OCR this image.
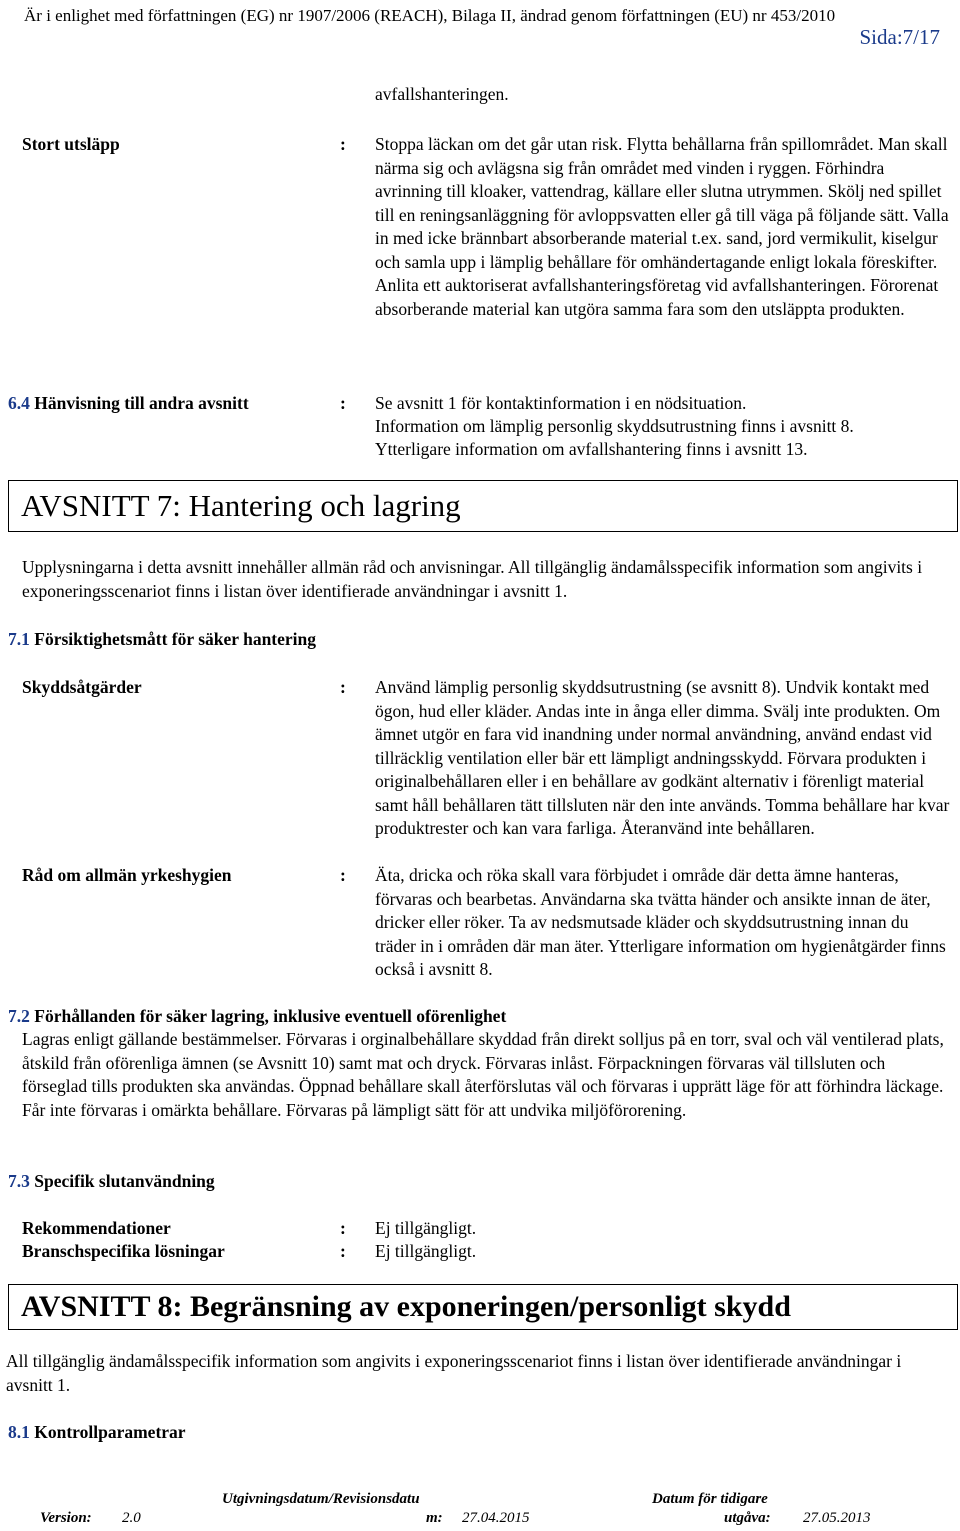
Är i enlighet med författningen (EG) nr 1907/2006 (REACH), Bilaga II, ändrad genom författningen (EU) nr 453/2010
Sida:7/17
avfallshanteringen.
Stort utsläpp	: Stoppa läckan om det går utan risk. Flytta behållarna från spillområdet. Man skall närma sig och avlägsna sig från området med vinden i ryggen. Förhindra avrinning till kloaker, vattendrag, källare eller slutna utrymmen. Skölj ned spillet till en reningsanläggning för avloppsvatten eller gå till väga på följande sätt. Valla in med icke brännbart absorberande material t.ex. sand, jord vermikulit, kiselgur och samla upp i lämplig behållare för omhändertagande enligt lokala föreskifter. Anlita ett auktoriserat avfallshanteringsföretag vid avfallshanteringen. Förorenat absorberande material kan utgöra samma fara som den utsläppta produkten.
6.4 Hänvisning till andra avsnitt	: Se avsnitt 1 för kontaktinformation i en nödsituation.
Information om lämplig personlig skyddsutrustning finns i avsnitt 8.
Ytterligare information om avfallshantering finns i avsnitt 13.
AVSNITT 7: Hantering och lagring
Upplysningarna i detta avsnitt innehåller allmän råd och anvisningar. All tillgänglig ändamålsspecifik information som angivits i exponeringsscenariot finns i listan över identifierade användningar i avsnitt 1.
7.1 Försiktighetsmått för säker hantering
Skyddsåtgärder	: Använd lämplig personlig skyddsutrustning (se avsnitt 8). Undvik kontakt med ögon, hud eller kläder. Andas inte in ånga eller dimma. Svälj inte produkten. Om ämnet utgör en fara vid inandning under normal användning, använd endast vid tillräcklig ventilation eller bär ett lämpligt andningsskydd. Förvara produkten i originalbehållaren eller i en behållare av godkänt alternativ i förenligt material samt håll behållaren tätt tillsluten när den inte används. Tomma behållare har kvar produktrester och kan vara farliga. Återanvänd inte behållaren.
Råd om allmän yrkeshygien	: Äta, dricka och röka skall vara förbjudet i område där detta ämne hanteras, förvaras och bearbetas. Användarna ska tvätta händer och ansikte innan de äter, dricker eller röker. Ta av nedsmutsade kläder och skyddsutrustning innan du träder in i områden där man äter. Ytterligare information om hygienåtgärder finns också i avsnitt 8.
7.2 Förhållanden för säker lagring, inklusive eventuell oförenlighet
Lagras enligt gällande bestämmelser. Förvaras i orginalbehållare skyddad från direkt solljus på en torr, sval och väl ventilerad plats, åtskild från oförenliga ämnen (se Avsnitt 10) samt mat och dryck. Förvaras inlåst. Förpackningen förvaras väl tillsluten och förseglad tills produkten ska användas. Öppnad behållare skall återförslutas väl och förvaras i upprätt läge för att förhindra läckage. Får inte förvaras i omärkta behållare. Förvaras på lämpligt sätt för att undvika miljöförorening.
7.3 Specifik slutanvändning
Rekommendationer	: Ej tillgängligt.
Branschspecifika lösningar	: Ej tillgängligt.
AVSNITT 8: Begränsning av exponeringen/personligt skydd
All tillgänglig ändamålsspecifik information som angivits i exponeringsscenariot finns i listan över identifierade användningar i avsnitt 1.
8.1 Kontrollparametrar
Utgivningsdatum/Revisionsdatu	Datum för tidigare
Version: 2.0	m: 27.04.2015	utgåva: 27.05.2013
